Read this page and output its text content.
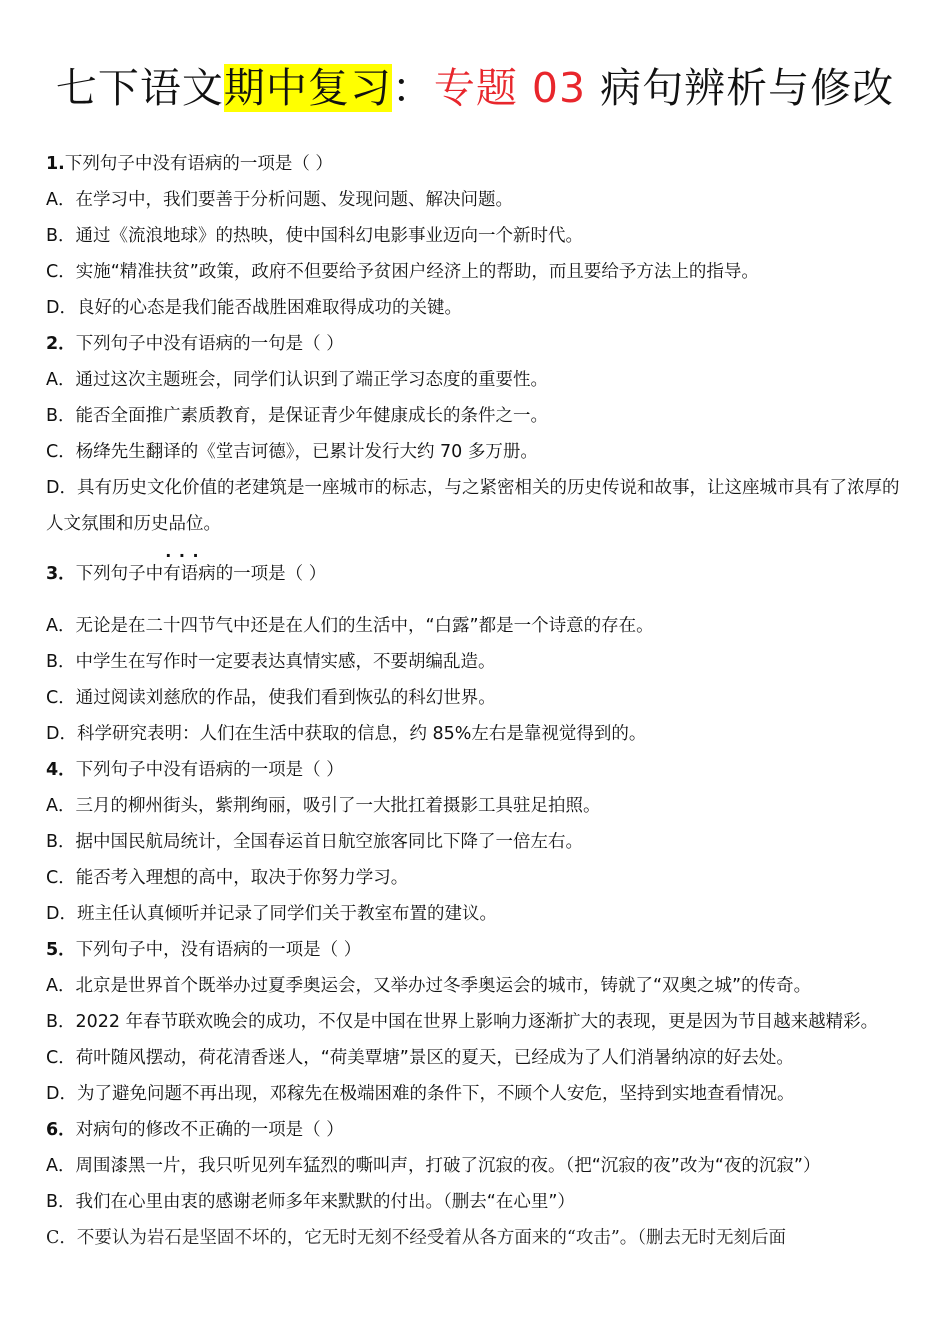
七下语文期中复习：专题 03 病句辨析与修改
1.下列句子中没有语病的一项是（ ）
A．在学习中，我们要善于分析问题、发现问题、解决问题。
B．通过《流浪地球》的热映，使中国科幻电影事业迈向一个新时代。
C．实施“精准扶贫”政策，政府不但要给予贫困户经济上的帮助，而且要给予方法上的指导。
D．良好的心态是我们能否战胜困难取得成功的关键。
2．下列句子中没有语病的一句是（ ）
A．通过这次主题班会，同学们认识到了端正学习态度的重要性。
B．能否全面推广素质教育，是保证青少年健康成长的条件之一。
C．杨绛先生翻译的《堂吉诃德》，已累计发行大约 70 多万册。
D．具有历史文化价值的老建筑是一座城市的标志，与之紧密相关的历史传说和故事，让这座城市具有了浓厚的人文氛围和历史品位。
3．下列句子中· · · 有语病的一项是（ ）
A．无论是在二十四节气中还是在人们的生活中，“白露”都是一个诗意的存在。
B．中学生在写作时一定要表达真情实感，不要胡编乱造。
C．通过阅读刘慈欣的作品，使我们看到恢弘的科幻世界。
D．科学研究表明：人们在生活中获取的信息，约 85%左右是靠视觉得到的。
4．下列句子中没有语病的一项是（ ）
A．三月的柳州街头，紫荆绚丽，吸引了一大批扛着摄影工具驻足拍照。
B．据中国民航局统计，全国春运首日航空旅客同比下降了一倍左右。
C．能否考入理想的高中，取决于你努力学习。
D．班主任认真倾听并记录了同学们关于教室布置的建议。
5．下列句子中，没有语病的一项是（ ）
A．北京是世界首个既举办过夏季奥运会，又举办过冬季奥运会的城市，铸就了“双奥之城”的传奇。
B．2022 年春节联欢晚会的成功，不仅是中国在世界上影响力逐渐扩大的表现，更是因为节目越来越精彩。
C．荷叶随风摆动，荷花清香迷人，“荷美覃塘”景区的夏天，已经成为了人们消暑纳凉的好去处。
D．为了避免问题不再出现，邓稼先在极端困难的条件下，不顾个人安危，坚持到实地查看情况。
6．对病句的修改不正确的一项是（ ）
A．周围漆黑一片，我只听见列车猛烈的嘶叫声，打破了沉寂的夜。（把“沉寂的夜”改为“夜的沉寂”）
B．我们在心里由衷的感谢老师多年来默默的付出。（删去“在心里”）
C．不要认为岩石是坚固不坏的，它无时无刻不经受着从各方面来的“攻击”。（删去无时无刻后面
